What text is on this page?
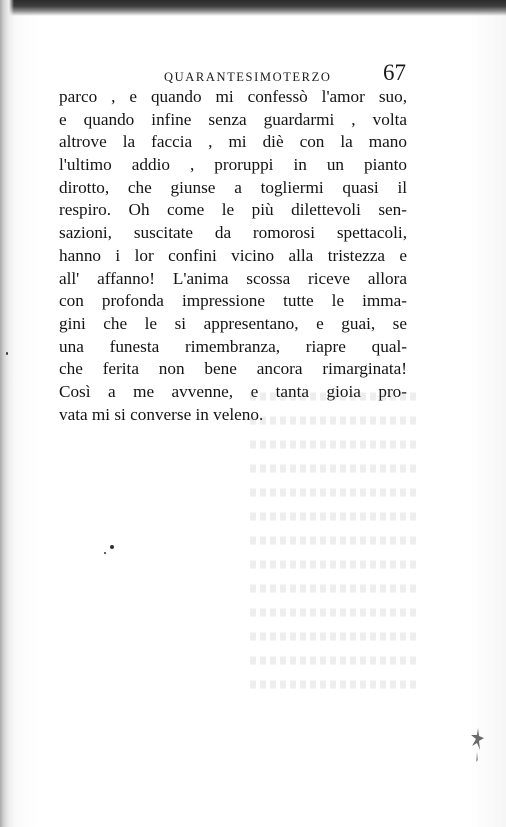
QUARANTESIMOTERZO 67
parco , e quando mi confessò l'amor suo,
e quando infine senza guardarmi , volta
altrove la faccia , mi diè con la mano
l'ultimo addio , proruppi in un pianto
dirotto, che giunse a togliermi quasi il
respiro. Oh come le più dilettevoli sen-
sazioni, suscitate da romorosi spettacoli,
hanno i lor confini vicino alla tristezza e
all' affanno! L'anima scossa riceve allora
con profonda impressione tutte le imma-
gini che le si appresentano, e guai, se
una funesta rimembranza, riapre qual-
che ferita non bene ancora rimarginata!
Così a me avvenne, e tanta gioia pro-
vata mi si converse in veleno.
